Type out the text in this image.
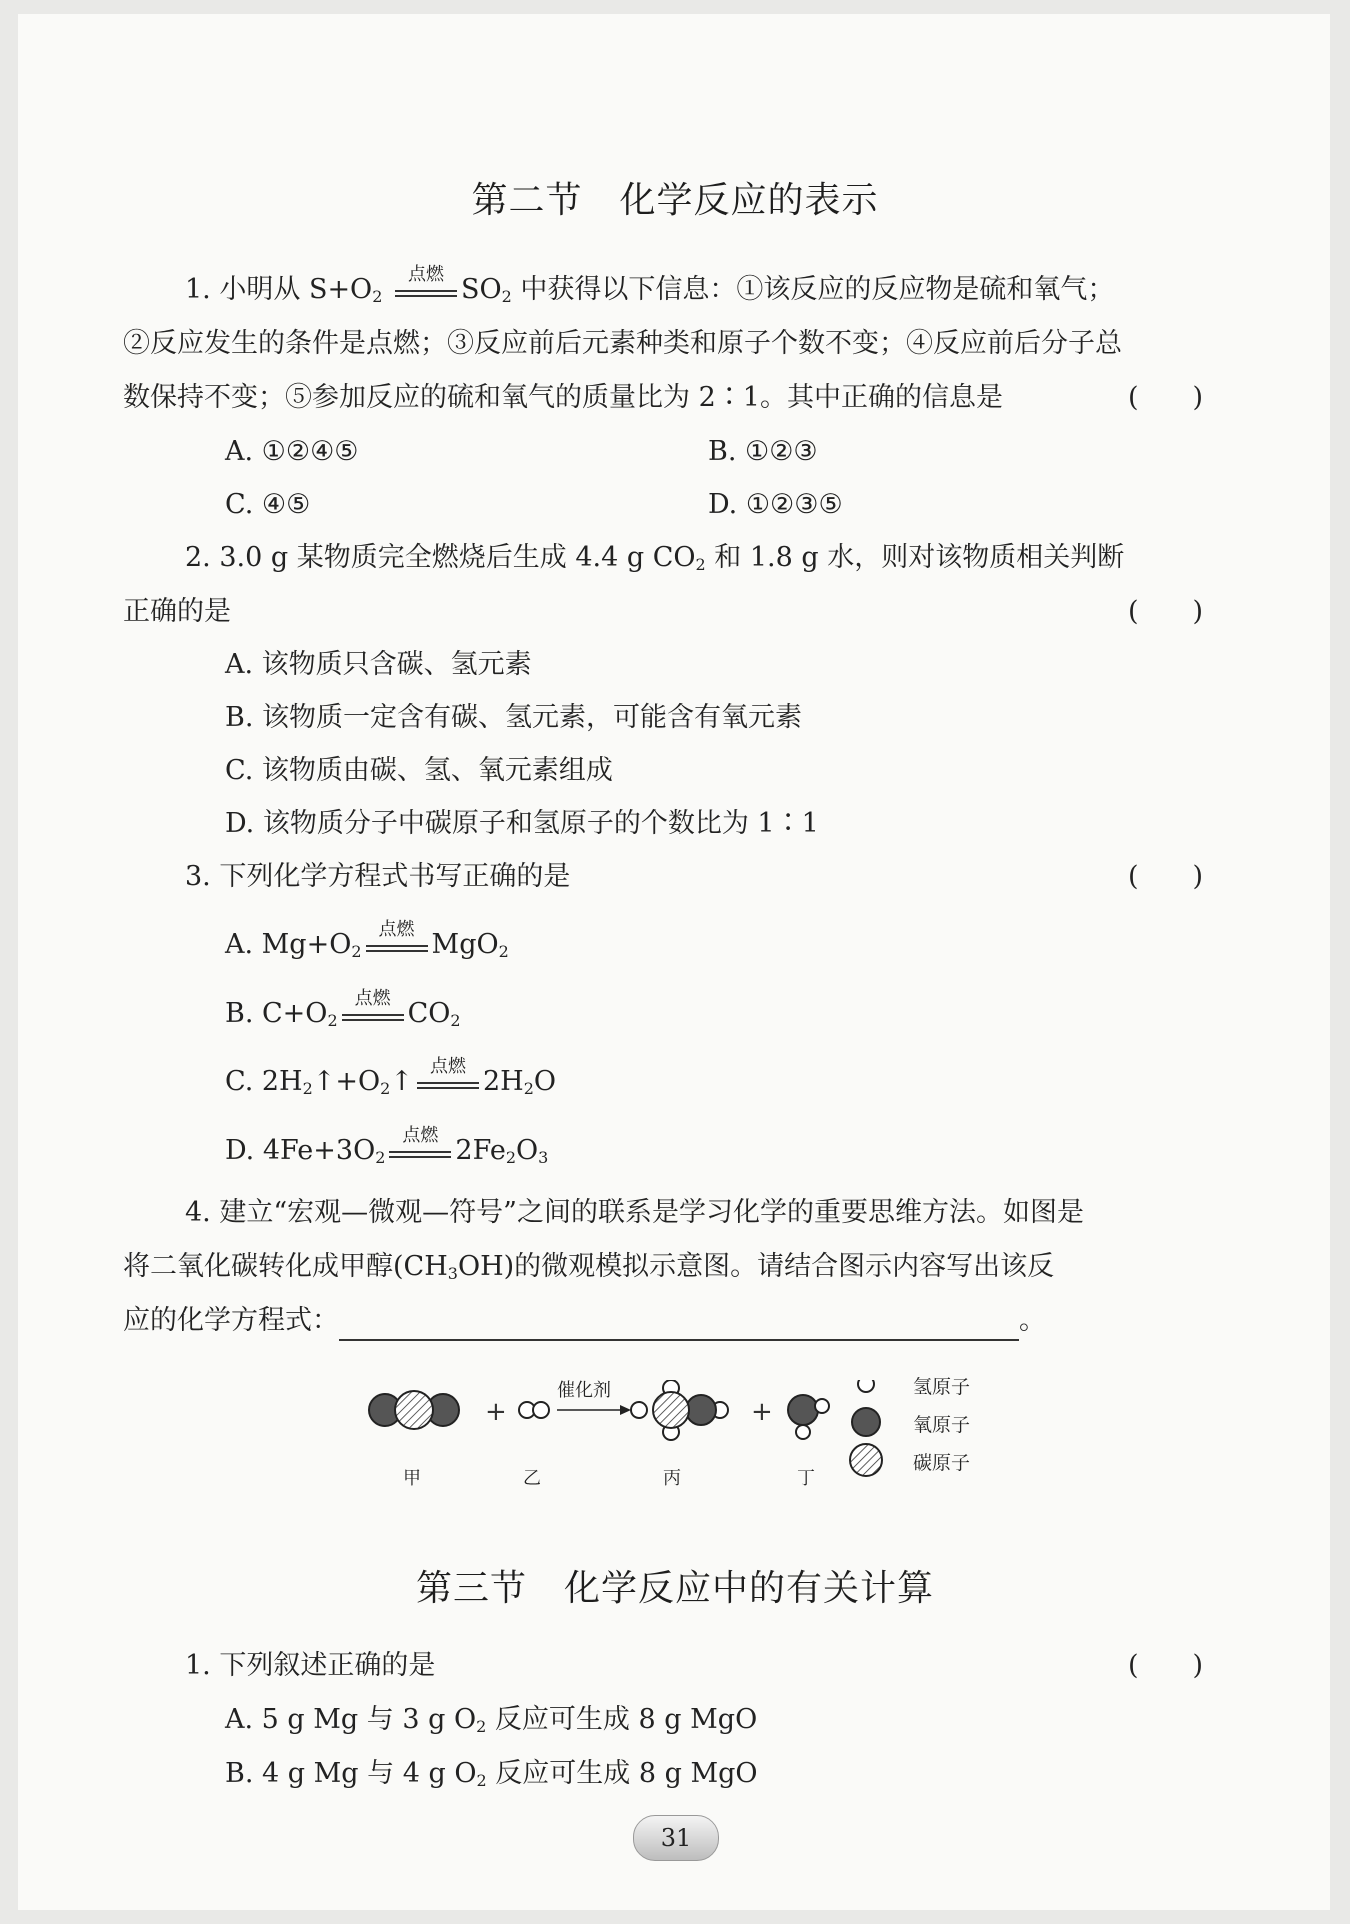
第二节　化学反应的表示
1. 小明从 $S+O_2$
点燃 $SO_2$ 中获得以下信息：①该反应的反应物是硫和氧气；
②反应发生的条件是点燃；③反应前后元素种类和原子个数不变；④反应前后分子总
数保持不变；⑤参加反应的硫和氧气的质量比为 2∶1。其中正确的信息是	(　　)
A. ①②④⑤	B. ①②③
C. ④⑤	D. ①②③⑤
2. 3.0 g 某物质完全燃烧后生成 4.4 g $CO_2$ 和 1.8 g 水，则对该物质相关判断
正确的是	(　　)
A. 该物质只含碳、氢元素
B. 该物质一定含有碳、氢元素，可能含有氧元素
C. 该物质由碳、氢、氧元素组成
D. 该物质分子中碳原子和氢原子的个数比为 1∶1
3. 下列化学方程式书写正确的是	(　　)
A. $Mg+O_2$
点燃 MgO$_2$
B. $C+O_2$
点燃 $CO_2$
C. $2H_2↑+O_2↑$ 点燃 $2H_2O$
D. $4Fe+3O_2$
点燃 $2Fe_2O_3$
4. 建立“宏观—微观—符号”之间的联系是学习化学的重要思维方法。如图是
将二氧化碳转化成甲醇$(CH_3OH)$的微观模拟示意图。请结合图示内容写出该反
应的化学方程式：	。
+
催化剂
+
甲	乙	丙	丁
氢原子
氧原子
碳原子
第三节　化学反应中的有关计算
1. 下列叙述正确的是	(　　)
A. 5 g Mg 与 3 g $O_2$ 反应可生成 8 g MgO
B. 4 g Mg 与 4 g $O_2$ 反应可生成 8 g MgO
31
